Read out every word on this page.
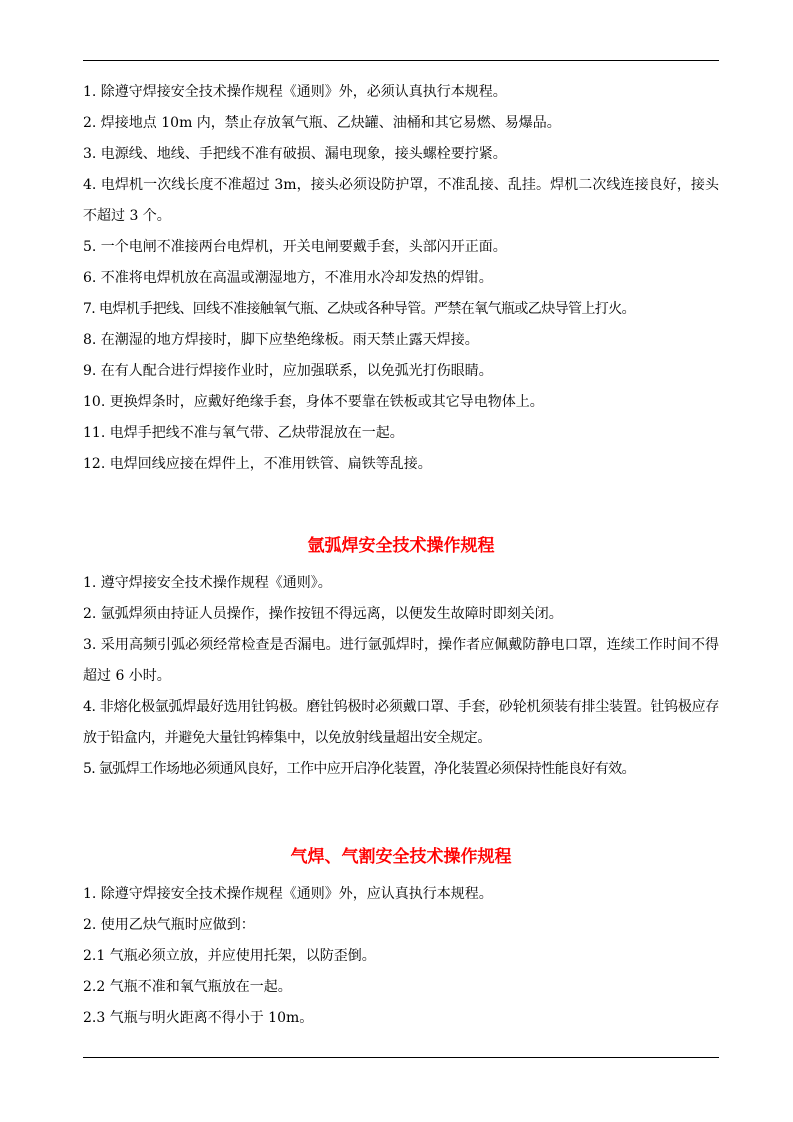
1. 除遵守焊接安全技术操作规程《通则》外，必须认真执行本规程。
2. 焊接地点 10m 内，禁止存放氧气瓶、乙炔罐、油桶和其它易燃、易爆品。
3. 电源线、地线、手把线不准有破损、漏电现象，接头螺栓要拧紧。
4. 电焊机一次线长度不准超过 3m，接头必须设防护罩，不准乱接、乱挂。焊机二次线连接良好，接头不超过 3 个。
5. 一个电闸不准接两台电焊机，开关电闸要戴手套，头部闪开正面。
6. 不准将电焊机放在高温或潮湿地方，不准用水冷却发热的焊钳。
7. 电焊机手把线、回线不准接触氧气瓶、乙炔或各种导管。严禁在氧气瓶或乙炔导管上打火。
8. 在潮湿的地方焊接时，脚下应垫绝缘板。雨天禁止露天焊接。
9. 在有人配合进行焊接作业时，应加强联系，以免弧光打伤眼睛。
10. 更换焊条时，应戴好绝缘手套，身体不要靠在铁板或其它导电物体上。
11. 电焊手把线不准与氧气带、乙炔带混放在一起。
12. 电焊回线应接在焊件上，不准用铁管、扁铁等乱接。
氩弧焊安全技术操作规程
1. 遵守焊接安全技术操作规程《通则》。
2. 氩弧焊须由持证人员操作，操作按钮不得远离，以便发生故障时即刻关闭。
3. 采用高频引弧必须经常检查是否漏电。进行氩弧焊时，操作者应佩戴防静电口罩，连续工作时间不得超过 6 小时。
4. 非熔化极氩弧焊最好选用钍钨极。磨钍钨极时必须戴口罩、手套，砂轮机须装有排尘装置。钍钨极应存放于铅盒内，并避免大量钍钨棒集中，以免放射线量超出安全规定。
5. 氩弧焊工作场地必须通风良好，工作中应开启净化装置，净化装置必须保持性能良好有效。
气焊、气割安全技术操作规程
1. 除遵守焊接安全技术操作规程《通则》外，应认真执行本规程。
2. 使用乙炔气瓶时应做到：
2.1 气瓶必须立放，并应使用托架，以防歪倒。
2.2 气瓶不准和氧气瓶放在一起。
2.3 气瓶与明火距离不得小于 10m。
